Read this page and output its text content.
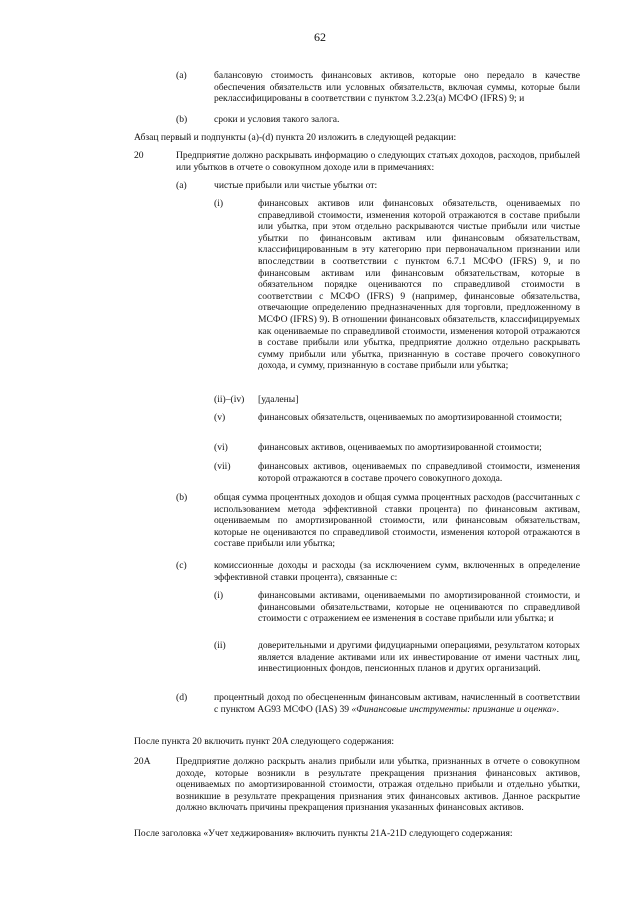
62
(a)	балансовую стоимость финансовых активов, которые оно передало в качестве обеспечения обязательств или условных обязательств, включая суммы, которые были реклассифицированы в соответствии с пунктом 3.2.23(a) МСФО (IFRS) 9; и
(b)	сроки и условия такого залога.
Абзац первый и подпункты (а)-(d) пункта 20 изложить в следующей редакции:
20	Предприятие должно раскрывать информацию о следующих статьях доходов, расходов, прибылей или убытков в отчете о совокупном доходе или в примечаниях:
(a)	чистые прибыли или чистые убытки от:
(i)	финансовых активов или финансовых обязательств, оцениваемых по справедливой стоимости, изменения которой отражаются в составе прибыли или убытка, при этом отдельно раскрываются чистые прибыли или чистые убытки по финансовым активам или финансовым обязательствам, классифицированным в эту категорию при первоначальном признании или впоследствии в соответствии с пунктом 6.7.1 МСФО (IFRS) 9, и по финансовым активам или финансовым обязательствам, которые в обязательном порядке оцениваются по справедливой стоимости в соответствии с МСФО (IFRS) 9 (например, финансовые обязательства, отвечающие определению предназначенных для торговли, предложенному в МСФО (IFRS) 9). В отношении финансовых обязательств, классифицируемых как оцениваемые по справедливой стоимости, изменения которой отражаются в составе прибыли или убытка, предприятие должно отдельно раскрывать сумму прибыли или убытка, признанную в составе прочего совокупного дохода, и сумму, признанную в составе прибыли или убытка;
(ii)–(iv) [удалены]
(v)	финансовых обязательств, оцениваемых по амортизированной стоимости;
(vi)	финансовых активов, оцениваемых по амортизированной стоимости;
(vii)	финансовых активов, оцениваемых по справедливой стоимости, изменения которой отражаются в составе прочего совокупного дохода.
(b)	общая сумма процентных доходов и общая сумма процентных расходов (рассчитанных с использованием метода эффективной ставки процента) по финансовым активам, оцениваемым по амортизированной стоимости, или финансовым обязательствам, которые не оцениваются по справедливой стоимости, изменения которой отражаются в составе прибыли или убытка;
(c)	комиссионные доходы и расходы (за исключением сумм, включенных в определение эффективной ставки процента), связанные с:
(i)	финансовыми активами, оцениваемыми по амортизированной стоимости, и финансовыми обязательствами, которые не оцениваются по справедливой стоимости с отражением ее изменения в составе прибыли или убытка; и
(ii)	доверительными и другими фидуциарными операциями, результатом которых является владение активами или их инвестирование от имени частных лиц, инвестиционных фондов, пенсионных планов и других организаций.
(d)	процентный доход по обесцененным финансовым активам, начисленный в соответствии с пунктом AG93 МСФО (IAS) 39 «Финансовые инструменты: признание и оценка».
После пункта 20 включить пункт 20A следующего содержания:
20A	Предприятие должно раскрыть анализ прибыли или убытка, признанных в отчете о совокупном доходе, которые возникли в результате прекращения признания финансовых активов, оцениваемых по амортизированной стоимости, отражая отдельно прибыли и отдельно убытки, возникшие в результате прекращения признания этих финансовых активов. Данное раскрытие должно включать причины прекращения признания указанных финансовых активов.
После заголовка «Учет хеджирования» включить пункты 21A-21D следующего содержания:
